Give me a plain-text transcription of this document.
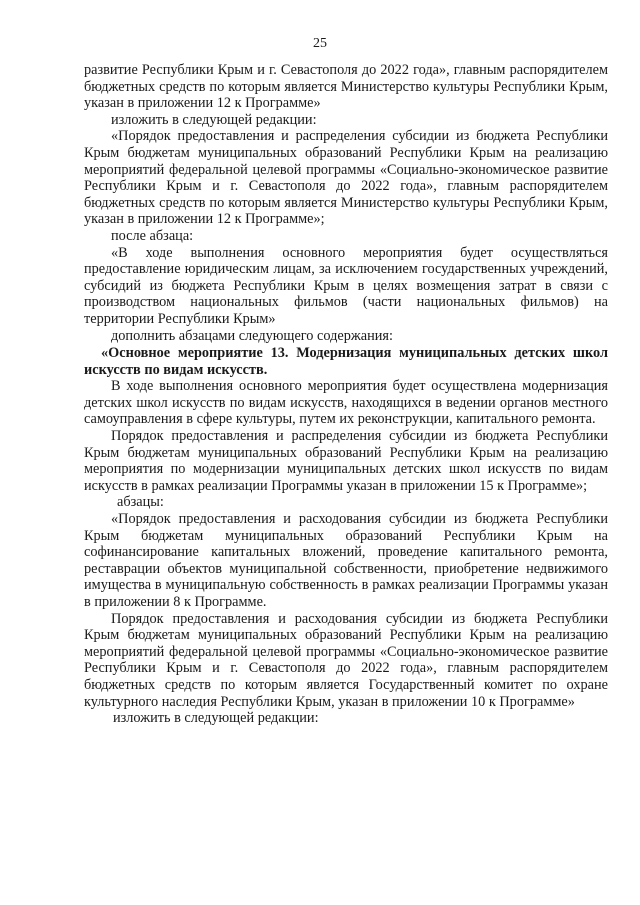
25

развитие Республики Крым и г. Севастополя до 2022 года», главным распорядителем бюджетных средств по которым является Министерство культуры Республики Крым, указан в приложении 12 к Программе»

изложить в следующей редакции:

«Порядок предоставления и распределения субсидии из бюджета Республики Крым бюджетам муниципальных образований Республики Крым на реализацию мероприятий федеральной целевой программы «Социально-экономическое развитие Республики Крым и г. Севастополя до 2022 года», главным распорядителем бюджетных средств по которым является Министерство культуры Республики Крым, указан в приложении 12 к Программе»;

после абзаца:

«В ходе выполнения основного мероприятия будет осуществляться предоставление юридическим лицам, за исключением государственных учреждений, субсидий из бюджета Республики Крым в целях возмещения затрат в связи с производством национальных фильмов (части национальных фильмов) на территории Республики Крым»

дополнить абзацами следующего содержания:

«Основное мероприятие 13. Модернизация муниципальных детских школ искусств по видам искусств.

В ходе выполнения основного мероприятия будет осуществлена модернизация детских школ искусств по видам искусств, находящихся в ведении органов местного самоуправления в сфере культуры, путем их реконструкции, капитального ремонта.

Порядок предоставления и распределения субсидии из бюджета Республики Крым бюджетам муниципальных образований Республики Крым на реализацию мероприятия по модернизации муниципальных детских школ искусств по видам искусств в рамках реализации Программы указан в приложении 15 к Программе»;

абзацы:

«Порядок предоставления и расходования субсидии из бюджета Республики Крым бюджетам муниципальных образований Республики Крым на софинансирование капитальных вложений, проведение капитального ремонта, реставрации объектов муниципальной собственности, приобретение недвижимого имущества в муниципальную собственность в рамках реализации Программы указан в приложении 8 к Программе.

Порядок предоставления и расходования субсидии из бюджета Республики Крым бюджетам муниципальных образований Республики Крым на реализацию мероприятий федеральной целевой программы «Социально-экономическое развитие Республики Крым и г. Севастополя до 2022 года», главным распорядителем бюджетных средств по которым является Государственный комитет по охране культурного наследия Республики Крым, указан в приложении 10 к Программе»

изложить в следующей редакции:
